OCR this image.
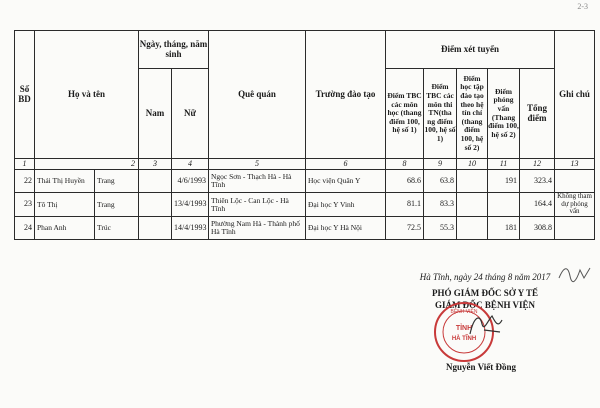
2-3
Số BD	Họ và tên		Ngày, tháng, năm sinh		Quê quán	Trường đào tạo	Điểm xét tuyển					Ghi chú

			Nam	Nữ			Điểm TBC các môn học (thang điểm 100, hệ số 1)	Điểm TBC các môn thi TN(tha ng điểm 100, hệ số 1)	Điểm học tập đào tạo theo hệ tín chỉ (thang điểm 100, hệ số 2)	Điểm phỏng vấn (Thang điểm 100, hệ số 2)	Tổng điểm	
1	2		3	4	5	6	8	9	10	11	12	13
22	Thái Thị Huyền	Trang		4/6/1993	Ngọc Sơn - Thạch Hà - Hà Tĩnh	Học viện Quân Y	68.6	63.8		191	323.4	
23	Tô Thị	Trang		13/4/1993	Thiên Lộc - Can Lộc - Hà Tĩnh	Đại học Y Vinh	81.1	83.3			164.4	Không tham dự phỏng vấn
24	Phan Anh	Trúc		14/4/1993	Phường Nam Hà - Thành phố Hà Tĩnh	Đại học Y Hà Nội	72.5	55.3		181	308.8	
Hà Tĩnh, ngày 24 tháng 8 năm 2017
PHÓ GIÁM ĐỐC SỞ Y TẾ
GIÁM ĐỐC BỆNH VIỆN
BỆNH VIỆN
TỈNH
HÀ TĨNH
Nguyễn Viết Đồng
